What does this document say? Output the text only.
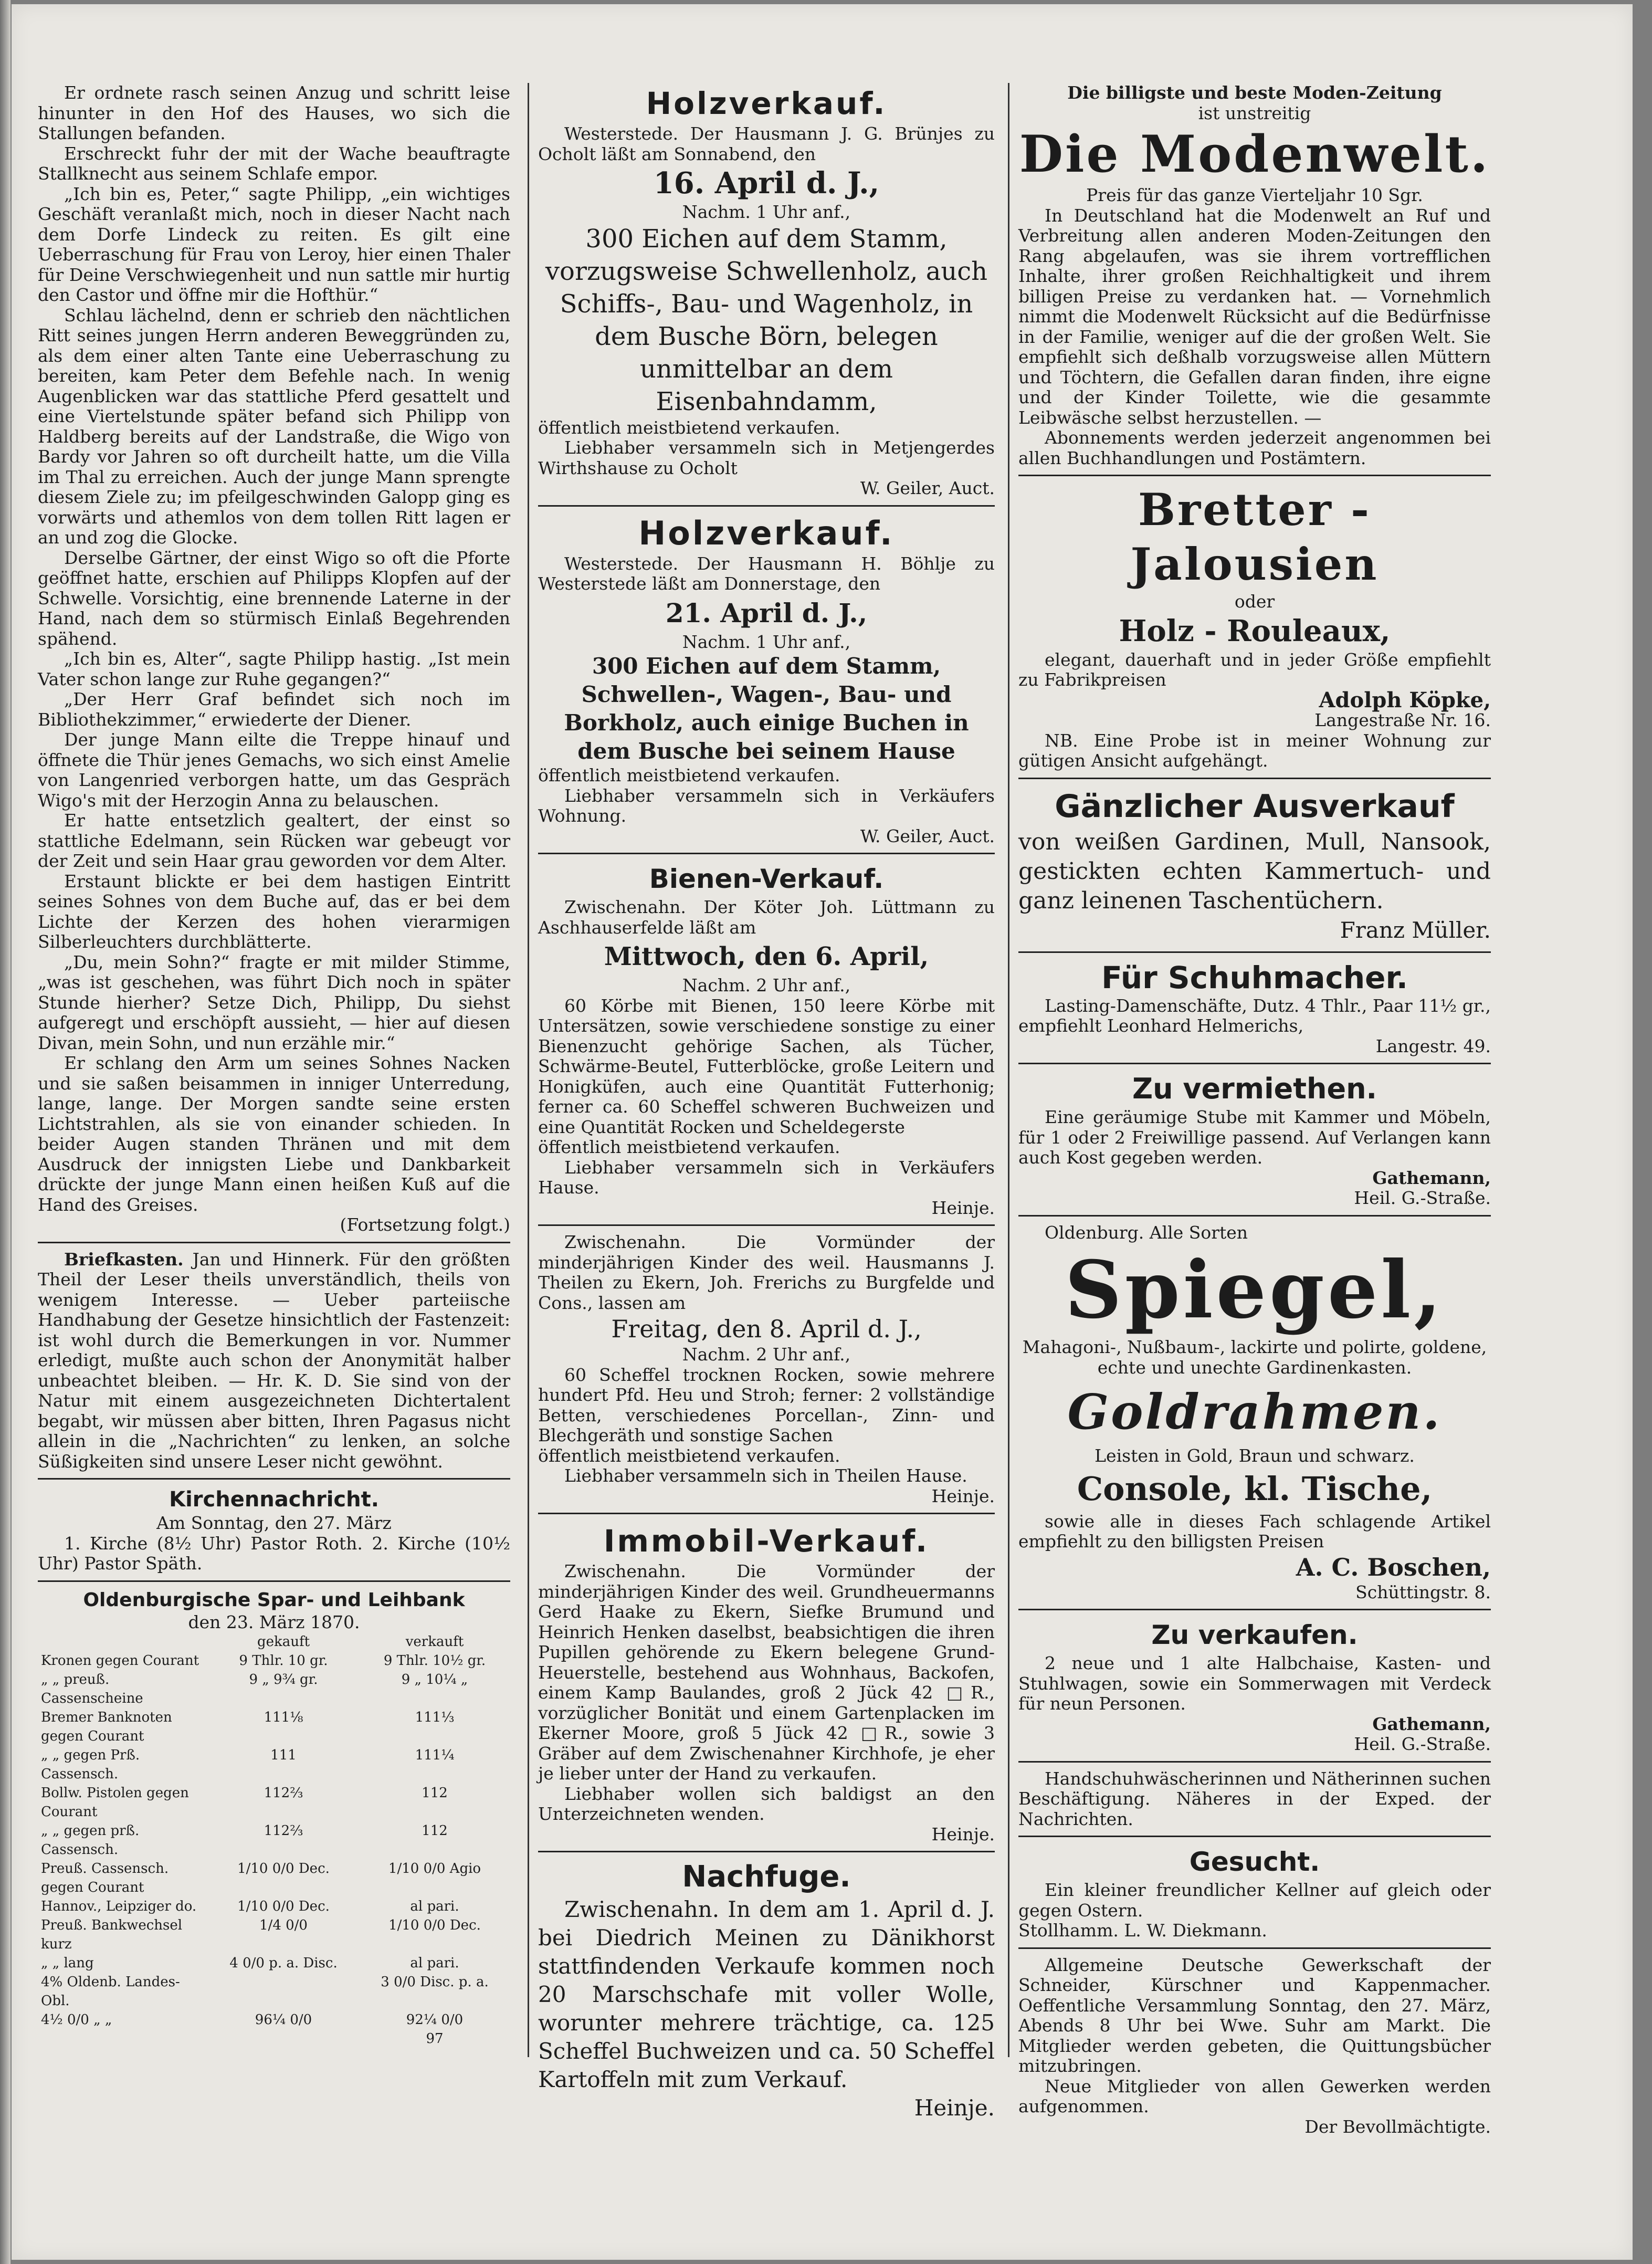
Er ordnete rasch seinen Anzug und schritt leise hinunter in den Hof des Hauses, wo sich die Stallungen befanden.

Erschreckt fuhr der mit der Wache beauftragte Stallknecht aus seinem Schlafe empor.

„Ich bin es, Peter,“ sagte Philipp, „ein wichtiges Geschäft veranlaßt mich, noch in dieser Nacht nach dem Dorfe Lindeck zu reiten. Es gilt eine Ueberraschung für Frau von Leroy, hier einen Thaler für Deine Verschwiegenheit und nun sattle mir hurtig den Castor und öffne mir die Hofthür.“

Schlau lächelnd, denn er schrieb den nächtlichen Ritt seines jungen Herrn anderen Beweggründen zu, als dem einer alten Tante eine Ueberraschung zu bereiten, kam Peter dem Befehle nach. In wenig Augenblicken war das stattliche Pferd gesattelt und eine Viertelstunde später befand sich Philipp von Haldberg bereits auf der Landstraße, die Wigo von Bardy vor Jahren so oft durcheilt hatte, um die Villa im Thal zu erreichen. Auch der junge Mann sprengte diesem Ziele zu; im pfeilgeschwinden Galopp ging es vorwärts und athemlos von dem tollen Ritt lagen er an und zog die Glocke.

Derselbe Gärtner, der einst Wigo so oft die Pforte geöffnet hatte, erschien auf Philipps Klopfen auf der Schwelle. Vorsichtig, eine brennende Laterne in der Hand, nach dem so stürmisch Einlaß Begehrenden spähend.

„Ich bin es, Alter“, sagte Philipp hastig. „Ist mein Vater schon lange zur Ruhe gegangen?“

„Der Herr Graf befindet sich noch im Bibliothekzimmer,“ erwiederte der Diener.

Der junge Mann eilte die Treppe hinauf und öffnete die Thür jenes Gemachs, wo sich einst Amelie von Langenried verborgen hatte, um das Gespräch Wigo's mit der Herzogin Anna zu belauschen.

Er hatte entsetzlich gealtert, der einst so stattliche Edelmann, sein Rücken war gebeugt vor der Zeit und sein Haar grau geworden vor dem Alter.

Erstaunt blickte er bei dem hastigen Eintritt seines Sohnes von dem Buche auf, das er bei dem Lichte der Kerzen des hohen vierarmigen Silberleuchters durchblätterte.

„Du, mein Sohn?“ fragte er mit milder Stimme, „was ist geschehen, was führt Dich noch in später Stunde hierher? Setze Dich, Philipp, Du siehst aufgeregt und erschöpft aussieht, — hier auf diesen Divan, mein Sohn, und nun erzähle mir.“

Er schlang den Arm um seines Sohnes Nacken und sie saßen beisammen in inniger Unterredung, lange, lange. Der Morgen sandte seine ersten Lichtstrahlen, als sie von einander schieden. In beider Augen standen Thränen und mit dem Ausdruck der innigsten Liebe und Dankbarkeit drückte der junge Mann einen heißen Kuß auf die Hand des Greises.

(Fortsetzung folgt.)

Briefkasten. Jan und Hinnerk. Für den größten Theil der Leser theils unverständlich, theils von wenigem Interesse. — Ueber parteiische Handhabung der Gesetze hinsichtlich der Fastenzeit: ist wohl durch die Bemerkungen in vor. Nummer erledigt, mußte auch schon der Anonymität halber unbeachtet bleiben. — Hr. K. D. Sie sind von der Natur mit einem ausgezeichneten Dichtertalent begabt, wir müssen aber bitten, Ihren Pagasus nicht allein in die „Nachrichten“ zu lenken, an solche Süßigkeiten sind unsere Leser nicht gewöhnt.

Kirchennachricht.

Am Sonntag, den 27. März

1. Kirche (8½ Uhr) Pastor Roth. 2. Kirche (10½ Uhr) Pastor Späth.

Oldenburgische Spar- und Leihbank

den 23. März 1870.

	gekauft	verkauft
Kronen gegen Courant	9 Thlr. 10 gr.	9 Thlr. 10½ gr.
„ „ preuß. Cassenscheine	9 „ 9¾ gr.	9 „ 10¼ „
Bremer Banknoten gegen Courant	111⅛	111⅓
„ „ gegen Prß. Cassensch.	111	111¼
Bollw. Pistolen gegen Courant	112⅔	112
„ „ gegen prß. Cassensch.	112⅔	112
Preuß. Cassensch. gegen Courant	1/10 0/0 Dec.	1/10 0/0 Agio
Hannov., Leipziger do.	1/10 0/0 Dec.	al pari.
Preuß. Bankwechsel kurz	1/4 0/0	1/10 0/0 Dec.
„ „ lang	4 0/0 p. a. Disc.	al pari.
4% Oldenb. Landes-Obl.		3 0/0 Disc. p. a.
4½ 0/0 „ „	96¼ 0/0	92¼ 0/0
		97
Holzverkauf.

Westerstede. Der Hausmann J. G. Brünjes zu Ocholt läßt am Sonnabend, den

16. April d. J.,

Nachm. 1 Uhr anf.,

300 Eichen auf dem Stamm, vorzugsweise Schwellenholz, auch Schiffs-, Bau- und Wagenholz, in dem Busche Börn, belegen unmittelbar an dem Eisenbahndamm,

öffentlich meistbietend verkaufen.

Liebhaber versammeln sich in Metjengerdes Wirthshause zu Ocholt

W. Geiler, Auct.

Holzverkauf.

Westerstede. Der Hausmann H. Böhlje zu Westerstede läßt am Donnerstage, den

21. April d. J.,

Nachm. 1 Uhr anf.,

300 Eichen auf dem Stamm, Schwellen-, Wagen-, Bau- und Borkholz, auch einige Buchen in dem Busche bei seinem Hause

öffentlich meistbietend verkaufen.

Liebhaber versammeln sich in Verkäufers Wohnung.

W. Geiler, Auct.

Bienen-Verkauf.

Zwischenahn. Der Köter Joh. Lüttmann zu Aschhauserfelde läßt am

Mittwoch, den 6. April,

Nachm. 2 Uhr anf.,

60 Körbe mit Bienen, 150 leere Körbe mit Untersätzen, sowie verschiedene sonstige zu einer Bienenzucht gehörige Sachen, als Tücher, Schwärme-Beutel, Futterblöcke, große Leitern und Honigküfen, auch eine Quantität Futterhonig; ferner ca. 60 Scheffel schweren Buchweizen und eine Quantität Rocken und Scheldegerste

öffentlich meistbietend verkaufen.

Liebhaber versammeln sich in Verkäufers Hause.

Heinje.

Zwischenahn. Die Vormünder der minderjährigen Kinder des weil. Hausmanns J. Theilen zu Ekern, Joh. Frerichs zu Burgfelde und Cons., lassen am

Freitag, den 8. April d. J.,

Nachm. 2 Uhr anf.,

60 Scheffel trocknen Rocken, sowie mehrere hundert Pfd. Heu und Stroh; ferner: 2 vollständige Betten, verschiedenes Porcellan-, Zinn- und Blechgeräth und sonstige Sachen

öffentlich meistbietend verkaufen.

Liebhaber versammeln sich in Theilen Hause.

Heinje.

Immobil-Verkauf.

Zwischenahn. Die Vormünder der minderjährigen Kinder des weil. Grundheuermanns Gerd Haake zu Ekern, Siefke Brumund und Heinrich Henken daselbst, beabsichtigen die ihren Pupillen gehörende zu Ekern belegene Grund-Heuerstelle, bestehend aus Wohnhaus, Backofen, einem Kamp Baulandes, groß 2 Jück 42 □R., vorzüglicher Bonität und einem Gartenplacken im Ekerner Moore, groß 5 Jück 42 □R., sowie 3 Gräber auf dem Zwischenahner Kirchhofe, je eher je lieber unter der Hand zu verkaufen.

Liebhaber wollen sich baldigst an den Unterzeichneten wenden.

Heinje.

Nachfuge.

Zwischenahn. In dem am 1. April d. J. bei Diedrich Meinen zu Dänikhorst stattfindenden Verkaufe kommen noch 20 Marschschafe mit voller Wolle, worunter mehrere trächtige, ca. 125 Scheffel Buchweizen und ca. 50 Scheffel Kartoffeln mit zum Verkauf.

Heinje.

Die billigste und beste Moden-Zeitung

ist unstreitig

Die Modenwelt.

Preis für das ganze Vierteljahr 10 Sgr.

In Deutschland hat die Modenwelt an Ruf und Verbreitung allen anderen Moden-Zeitungen den Rang abgelaufen, was sie ihrem vortrefflichen Inhalte, ihrer großen Reichhaltigkeit und ihrem billigen Preise zu verdanken hat. — Vornehmlich nimmt die Modenwelt Rücksicht auf die Bedürfnisse in der Familie, weniger auf die der großen Welt. Sie empfiehlt sich deßhalb vorzugsweise allen Müttern und Töchtern, die Gefallen daran finden, ihre eigne und der Kinder Toilette, wie die gesammte Leibwäsche selbst herzustellen. —

Abonnements werden jederzeit angenommen bei allen Buchhandlungen und Postämtern.

Bretter - Jalousien

oder

Holz - Rouleaux,

elegant, dauerhaft und in jeder Größe empfiehlt zu Fabrikpreisen

Adolph Köpke,

Langestraße Nr. 16.

NB. Eine Probe ist in meiner Wohnung zur gütigen Ansicht aufgehängt.

Gänzlicher Ausverkauf

von weißen Gardinen, Mull, Nansook, gestickten echten Kammertuch- und ganz leinenen Taschentüchern.

Franz Müller.

Für Schuhmacher.

Lasting-Damenschäfte, Dutz. 4 Thlr., Paar 11½ gr., empfiehlt Leonhard Helmerichs,

Langestr. 49.

Zu vermiethen.

Eine geräumige Stube mit Kammer und Möbeln, für 1 oder 2 Freiwillige passend. Auf Verlangen kann auch Kost gegeben werden.

Gathemann,

Heil. G.-Straße.

Oldenburg. Alle Sorten

Spiegel,

Mahagoni-, Nußbaum-, lackirte und polirte, goldene, echte und unechte Gardinenkasten.

Goldrahmen.

Leisten in Gold, Braun und schwarz.

Console, kl. Tische,

sowie alle in dieses Fach schlagende Artikel empfiehlt zu den billigsten Preisen

A. C. Boschen,

Schüttingstr. 8.

Zu verkaufen.

2 neue und 1 alte Halbchaise, Kasten- und Stuhlwagen, sowie ein Sommerwagen mit Verdeck für neun Personen.

Gathemann,

Heil. G.-Straße.

Handschuhwäscherinnen und Nätherinnen suchen Beschäftigung. Näheres in der Exped. der Nachrichten.

Gesucht.

Ein kleiner freundlicher Kellner auf gleich oder gegen Ostern.

Stollhamm. L. W. Diekmann.

Allgemeine Deutsche Gewerkschaft der Schneider, Kürschner und Kappenmacher. Oeffentliche Versammlung Sonntag, den 27. März, Abends 8 Uhr bei Wwe. Suhr am Markt. Die Mitglieder werden gebeten, die Quittungsbücher mitzubringen.

Neue Mitglieder von allen Gewerken werden aufgenommen.

Der Bevollmächtigte.
